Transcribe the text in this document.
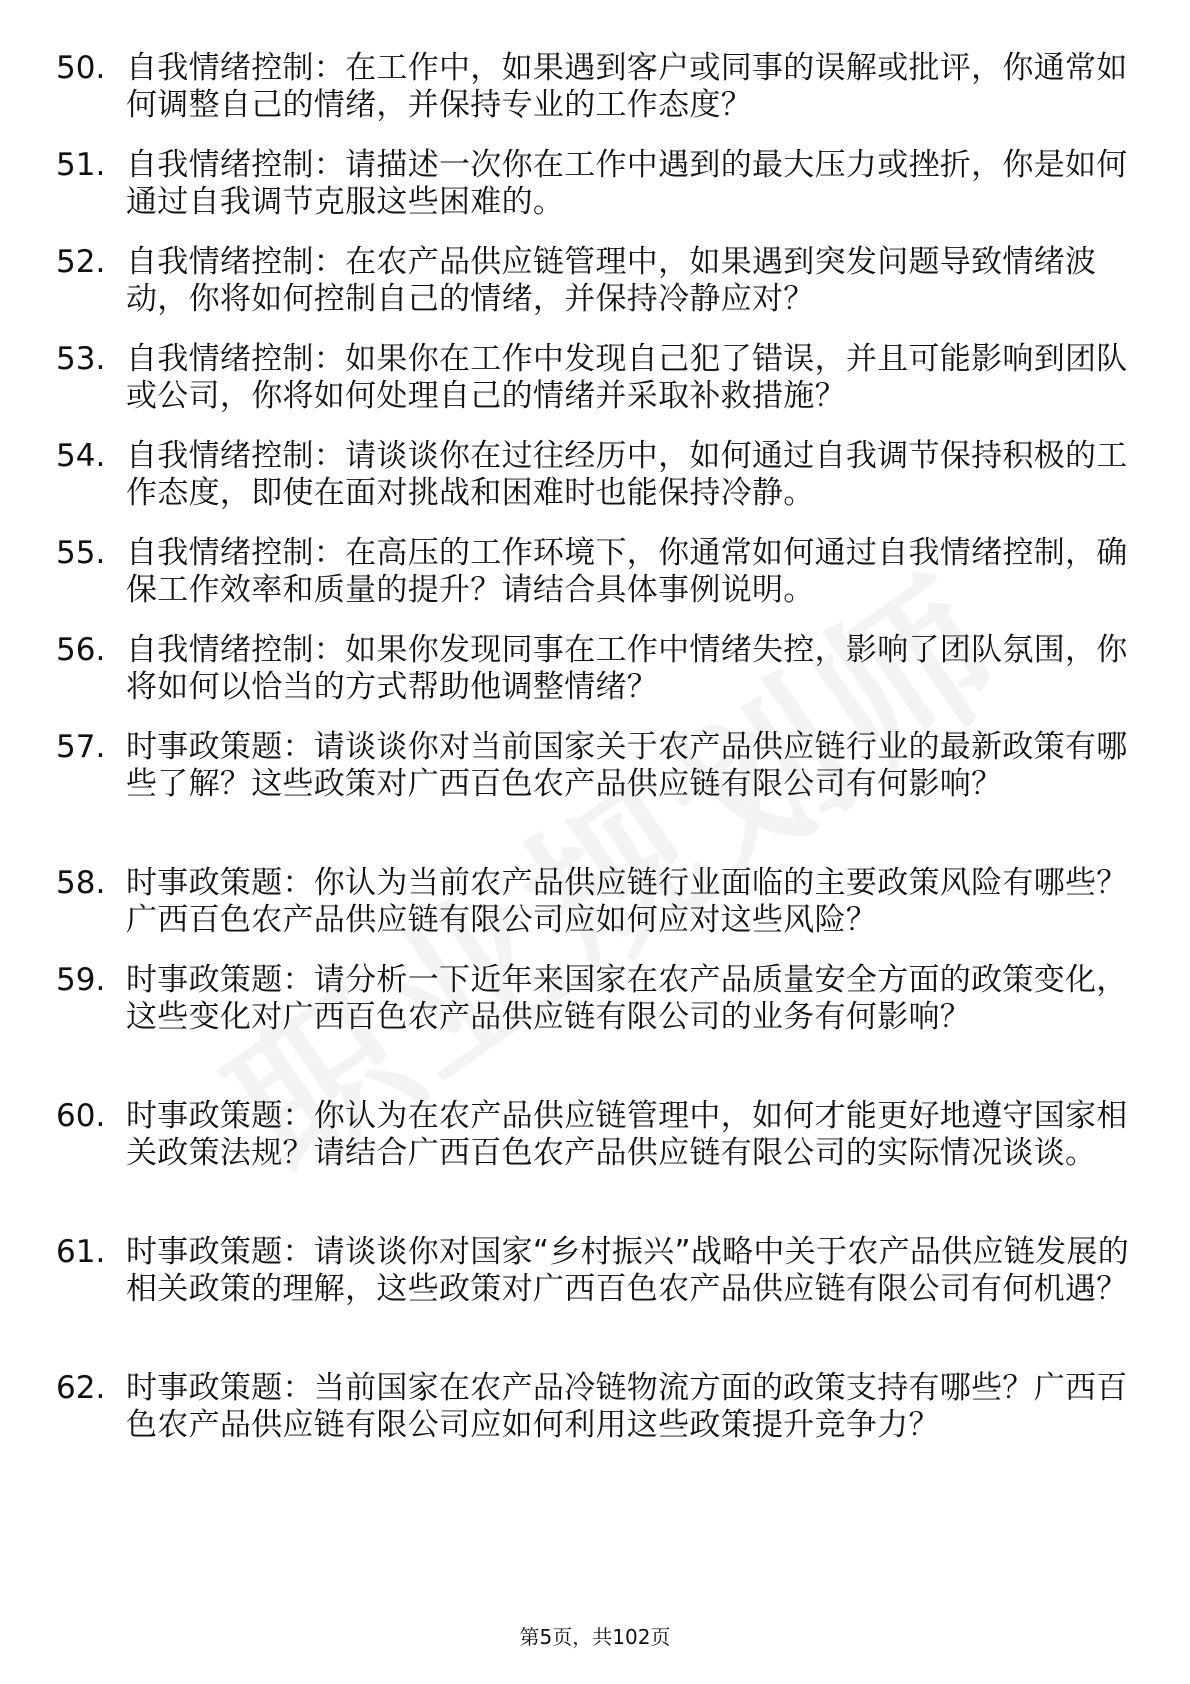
50. 自我情绪控制：在工作中，如果遇到客户或同事的误解或批评，你通常如何调整自己的情绪，并保持专业的工作态度？
51. 自我情绪控制：请描述一次你在工作中遇到的最大压力或挫折，你是如何通过自我调节克服这些困难的。
52. 自我情绪控制：在农产品供应链管理中，如果遇到突发问题导致情绪波动，你将如何控制自己的情绪，并保持冷静应对？
53. 自我情绪控制：如果你在工作中发现自己犯了错误，并且可能影响到团队或公司，你将如何处理自己的情绪并采取补救措施？
54. 自我情绪控制：请谈谈你在过往经历中，如何通过自我调节保持积极的工作态度，即使在面对挑战和困难时也能保持冷静。
55. 自我情绪控制：在高压的工作环境下，你通常如何通过自我情绪控制，确保工作效率和质量的提升？请结合具体事例说明。
56. 自我情绪控制：如果你发现同事在工作中情绪失控，影响了团队氛围，你将如何以恰当的方式帮助他调整情绪？
57. 时事政策题：请谈谈你对当前国家关于农产品供应链行业的最新政策有哪些了解？这些政策对广西百色农产品供应链有限公司有何影响？
58. 时事政策题：你认为当前农产品供应链行业面临的主要政策风险有哪些？广西百色农产品供应链有限公司应如何应对这些风险？
59. 时事政策题：请分析一下近年来国家在农产品质量安全方面的政策变化，这些变化对广西百色农产品供应链有限公司的业务有何影响？
60. 时事政策题：你认为在农产品供应链管理中，如何才能更好地遵守国家相关政策法规？请结合广西百色农产品供应链有限公司的实际情况谈谈。
61. 时事政策题：请谈谈你对国家“乡村振兴”战略中关于农产品供应链发展的相关政策的理解，这些政策对广西百色农产品供应链有限公司有何机遇？
62. 时事政策题：当前国家在农产品冷链物流方面的政策支持有哪些？广西百色农产品供应链有限公司应如何利用这些政策提升竞争力？
第5页，共102页
